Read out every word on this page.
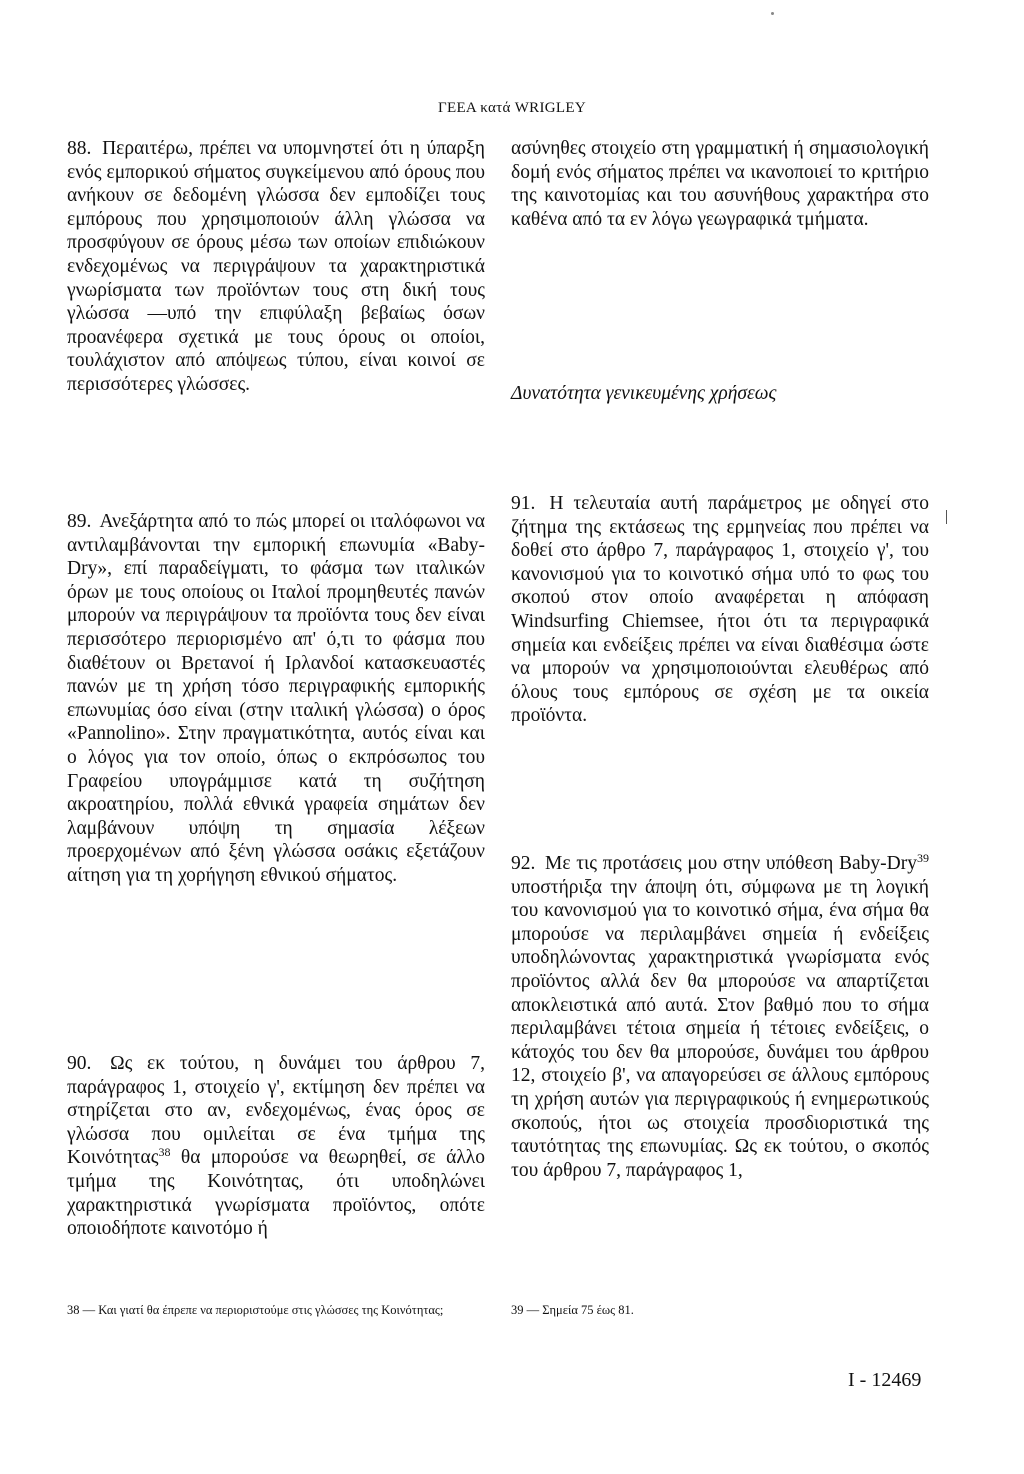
ΓΕΕΑ κατά WRIGLEY

88. Περαιτέρω, πρέπει να υπομνηστεί ότι η ύπαρξη ενός εμπορικού σήματος συγκείμενου από όρους που ανήκουν σε δεδομένη γλώσσα δεν εμποδίζει τους εμπόρους που χρησιμοποιούν άλλη γλώσσα να προσφύγουν σε όρους μέσω των οποίων επιδιώκουν ενδεχομένως να περιγράψουν τα χαρακτηριστικά γνωρίσματα των προϊόντων τους στη δική τους γλώσσα —υπό την επιφύλαξη βεβαίως όσων προανέφερα σχετικά με τους όρους οι οποίοι, τουλάχιστον από απόψεως τύπου, είναι κοινοί σε περισσότερες γλώσσες.

89. Ανεξάρτητα από το πώς μπορεί οι ιταλόφωνοι να αντιλαμβάνονται την εμπορική επωνυμία «Baby-Dry», επί παραδείγματι, το φάσμα των ιταλικών όρων με τους οποίους οι Ιταλοί προμηθευτές πανών μπορούν να περιγράψουν τα προϊόντα τους δεν είναι περισσότερο περιορισμένο απ' ό,τι το φάσμα που διαθέτουν οι Βρετανοί ή Ιρλανδοί κατασκευαστές πανών με τη χρήση τόσο περιγραφικής εμπορικής επωνυμίας όσο είναι (στην ιταλική γλώσσα) ο όρος «Pannolino». Στην πραγματικότητα, αυτός είναι και ο λόγος για τον οποίο, όπως ο εκπρόσωπος του Γραφείου υπογράμμισε κατά τη συζήτηση ακροατηρίου, πολλά εθνικά γραφεία σημάτων δεν λαμβάνουν υπόψη τη σημασία λέξεων προερχομένων από ξένη γλώσσα οσάκις εξετάζουν αίτηση για τη χορήγηση εθνικού σήματος.

90. Ως εκ τούτου, η δυνάμει του άρθρου 7, παράγραφος 1, στοιχείο γ', εκτίμηση δεν πρέπει να στηρίζεται στο αν, ενδεχομένως, ένας όρος σε γλώσσα που ομιλείται σε ένα τμήμα της Κοινότητας$^{38}$ θα μπορούσε να θεωρηθεί, σε άλλο τμήμα της Κοινότητας, ότι υποδηλώνει χαρακτηριστικά γνωρίσματα προϊόντος, οπότε οποιοδήποτε καινοτόμο ή

ασύνηθες στοιχείο στη γραμματική ή σημασιολογική δομή ενός σήματος πρέπει να ικανοποιεί το κριτήριο της καινοτομίας και του ασυνήθους χαρακτήρα στο καθένα από τα εν λόγω γεωγραφικά τμήματα.

Δυνατότητα γενικευμένης χρήσεως

91. Η τελευταία αυτή παράμετρος με οδηγεί στο ζήτημα της εκτάσεως της ερμηνείας που πρέπει να δοθεί στο άρθρο 7, παράγραφος 1, στοιχείο γ', του κανονισμού για το κοινοτικό σήμα υπό το φως του σκοπού στον οποίο αναφέρεται η απόφαση Windsurfing Chiemsee, ήτοι ότι τα περιγραφικά σημεία και ενδείξεις πρέπει να είναι διαθέσιμα ώστε να μπορούν να χρησιμοποιούνται ελευθέρως από όλους τους εμπόρους σε σχέση με τα οικεία προϊόντα.

92. Με τις προτάσεις μου στην υπόθεση Baby-Dry$^{39}$ υποστήριξα την άποψη ότι, σύμφωνα με τη λογική του κανονισμού για το κοινοτικό σήμα, ένα σήμα θα μπορούσε να περιλαμβάνει σημεία ή ενδείξεις υποδηλώνοντας χαρακτηριστικά γνωρίσματα ενός προϊόντος αλλά δεν θα μπορούσε να απαρτίζεται αποκλειστικά από αυτά. Στον βαθμό που το σήμα περιλαμβάνει τέτοια σημεία ή τέτοιες ενδείξεις, ο κάτοχός του δεν θα μπορούσε, δυνάμει του άρθρου 12, στοιχείο β', να απαγορεύσει σε άλλους εμπόρους τη χρήση αυτών για περιγραφικούς ή ενημερωτικούς σκοπούς, ήτοι ως στοιχεία προσδιοριστικά της ταυτότητας της επωνυμίας. Ως εκ τούτου, ο σκοπός του άρθρου 7, παράγραφος 1,

38 — Και γιατί θα έπρεπε να περιοριστούμε στις γλώσσες της Κοινότητας;	39 — Σημεία 75 έως 81.
I - 12469
